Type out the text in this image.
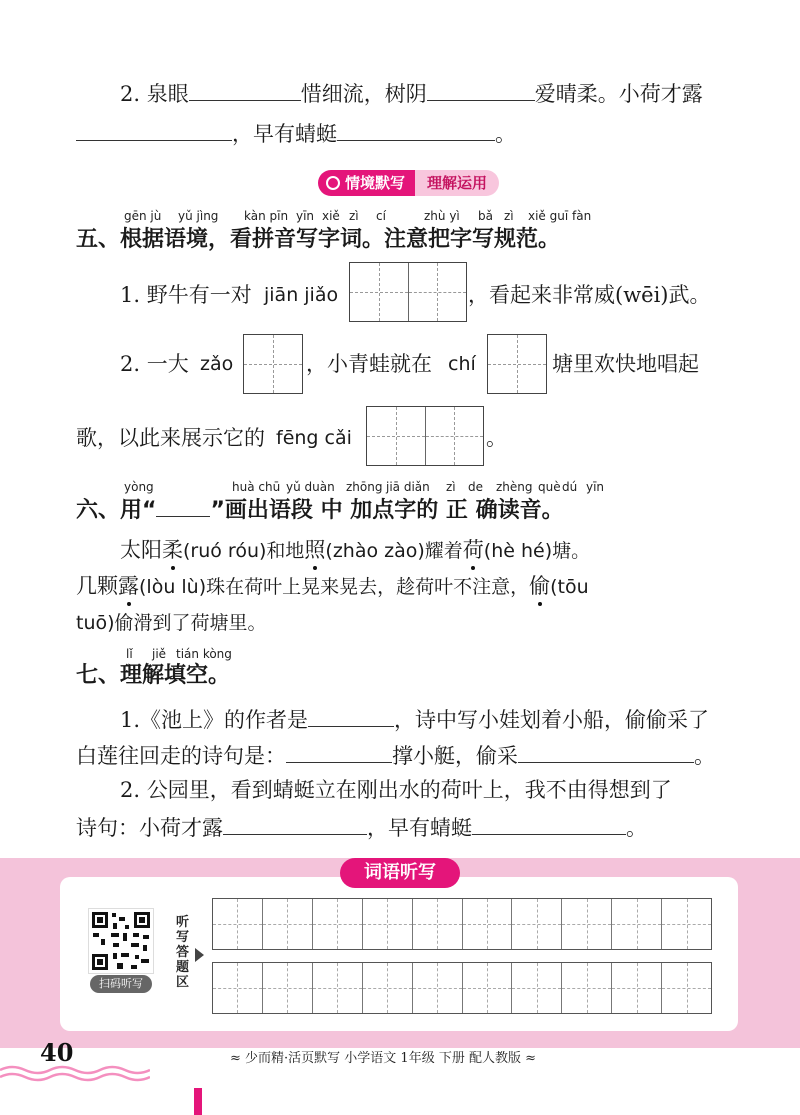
2. 泉眼	惜细流，树阴	爱晴柔。小荷才露
，早有蜻蜓	。
情境默写	理解运用
gēn jù yǔ jìng kàn pīn yīn xiě zì cí	zhù yì bǎ zì xiě guī fàn
五、根据语境，看拼音写字词。注意把字写规范。
1. 野牛有一对 jiān jiǎo	，看起来非常威(wēi)武。
2. 一大 zǎo	，小青蛙就在 chí	塘里欢快地唱起
歌，以此来展示它的 fēng cǎi	。
yòng	huà chū yǔ duàn zhōng jiā diǎn zì de zhèng què dú yīn
六、用“ ”画出语段 中 加点字的 正 确读音。
太阳柔(ruó róu)和地照(zhào zào)耀着荷(hè hé)塘。
几颗露(lòu lù)珠在荷叶上晃来晃去，趁荷叶不注意，偷(tōu
tuō)偷滑到了荷塘里。
lǐ jiě tián kòng
七、理解填空。
1.《池上》的作者是	，诗中写小娃划着小船，偷偷采了
白莲往回走的诗句是：	撑小艇，偷采	。
2. 公园里，看到蜻蜓立在刚出水的荷叶上，我不由得想到了
诗句：小荷才露	，早有蜻蜓	。
词语听写
扫码听写
听写答题区
40	≈ 少而精·活页默写 小学语文 1年级 下册 配人教版 ≈
